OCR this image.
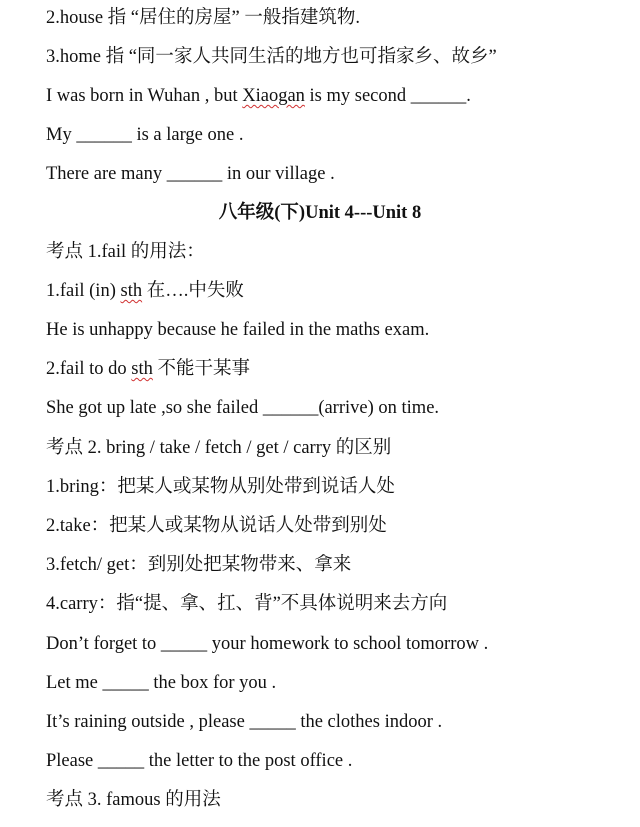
2.house 指 “居住的房屋” 一般指建筑物.
3.home 指 “同一家人共同生活的地方也可指家乡、故乡”
I was born in Wuhan , but Xiaogan is my second ______.
My ______ is a large one .
There are many ______ in our village .
八年级(下)Unit 4---Unit 8
考点 1.fail 的用法：
1.fail (in) sth 在….中失败
He is unhappy because he failed in the maths exam.
2.fail to do sth 不能干某事
She got up late ,so she failed ______(arrive) on time.
考点 2. bring / take / fetch / get / carry 的区别
1.bring：把某人或某物从别处带到说话人处
2.take：把某人或某物从说话人处带到别处
3.fetch/ get：到别处把某物带来、拿来
4.carry：指“提、拿、扛、背”不具体说明来去方向
Don’t forget to _____ your homework to school tomorrow .
Let me _____ the box for you .
It’s raining outside , please _____ the clothes indoor .
Please _____ the letter to the post office .
考点 3. famous 的用法
